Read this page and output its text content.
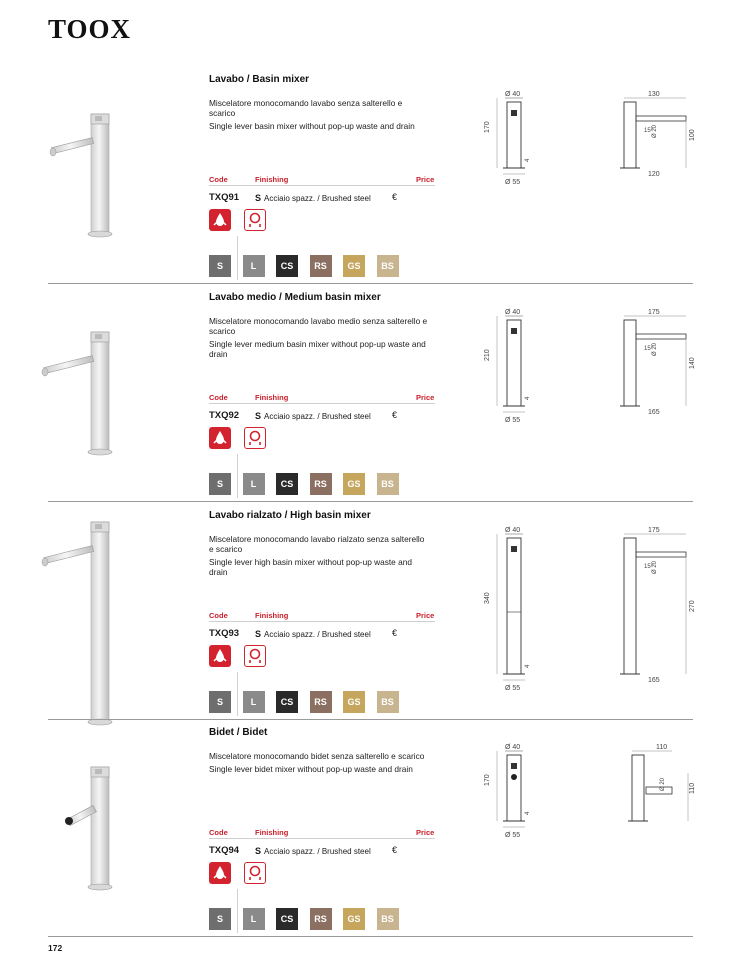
TOOX
Lavabo / Basin mixer

Miscelatore monocomando lavabo senza salterello e scarico

Single lever basin mixer without pop-up waste and drain

Code	Finishing	Price
TXQ91 S Acciaio spazz. / Brushed steel €
S	L	CS	RS	GS	BS
Ø 40
170
4
Ø 55
130
Ø 20
15°	100
120
Lavabo medio / Medium basin mixer

Miscelatore monocomando lavabo medio senza salterello e scarico

Single lever medium basin mixer without pop-up waste and drain

Code	Finishing	Price
TXQ92 S Acciaio spazz. / Brushed steel €
S	L	CS	RS	GS	BS
Ø 40
210
4
Ø 55
175
Ø 20
15°
140
165
Lavabo rialzato / High basin mixer

Miscelatore monocomando lavabo rialzato senza salterello e scarico

Single lever high basin mixer without pop-up waste and drain

Code	Finishing	Price
TXQ93 S Acciaio spazz. / Brushed steel €
S	L	CS	RS	GS	BS
Ø 40
340
4
Ø 55
175
Ø 20
15°
270
165
Bidet / Bidet

Miscelatore monocomando bidet senza salterello e scarico

Single lever bidet mixer without pop-up waste and drain

Code	Finishing	Price
TXQ94 S Acciaio spazz. / Brushed steel €
S	L	CS	RS	GS	BS
Ø 40
170
4
Ø 55
110
Ø 20	110
172
